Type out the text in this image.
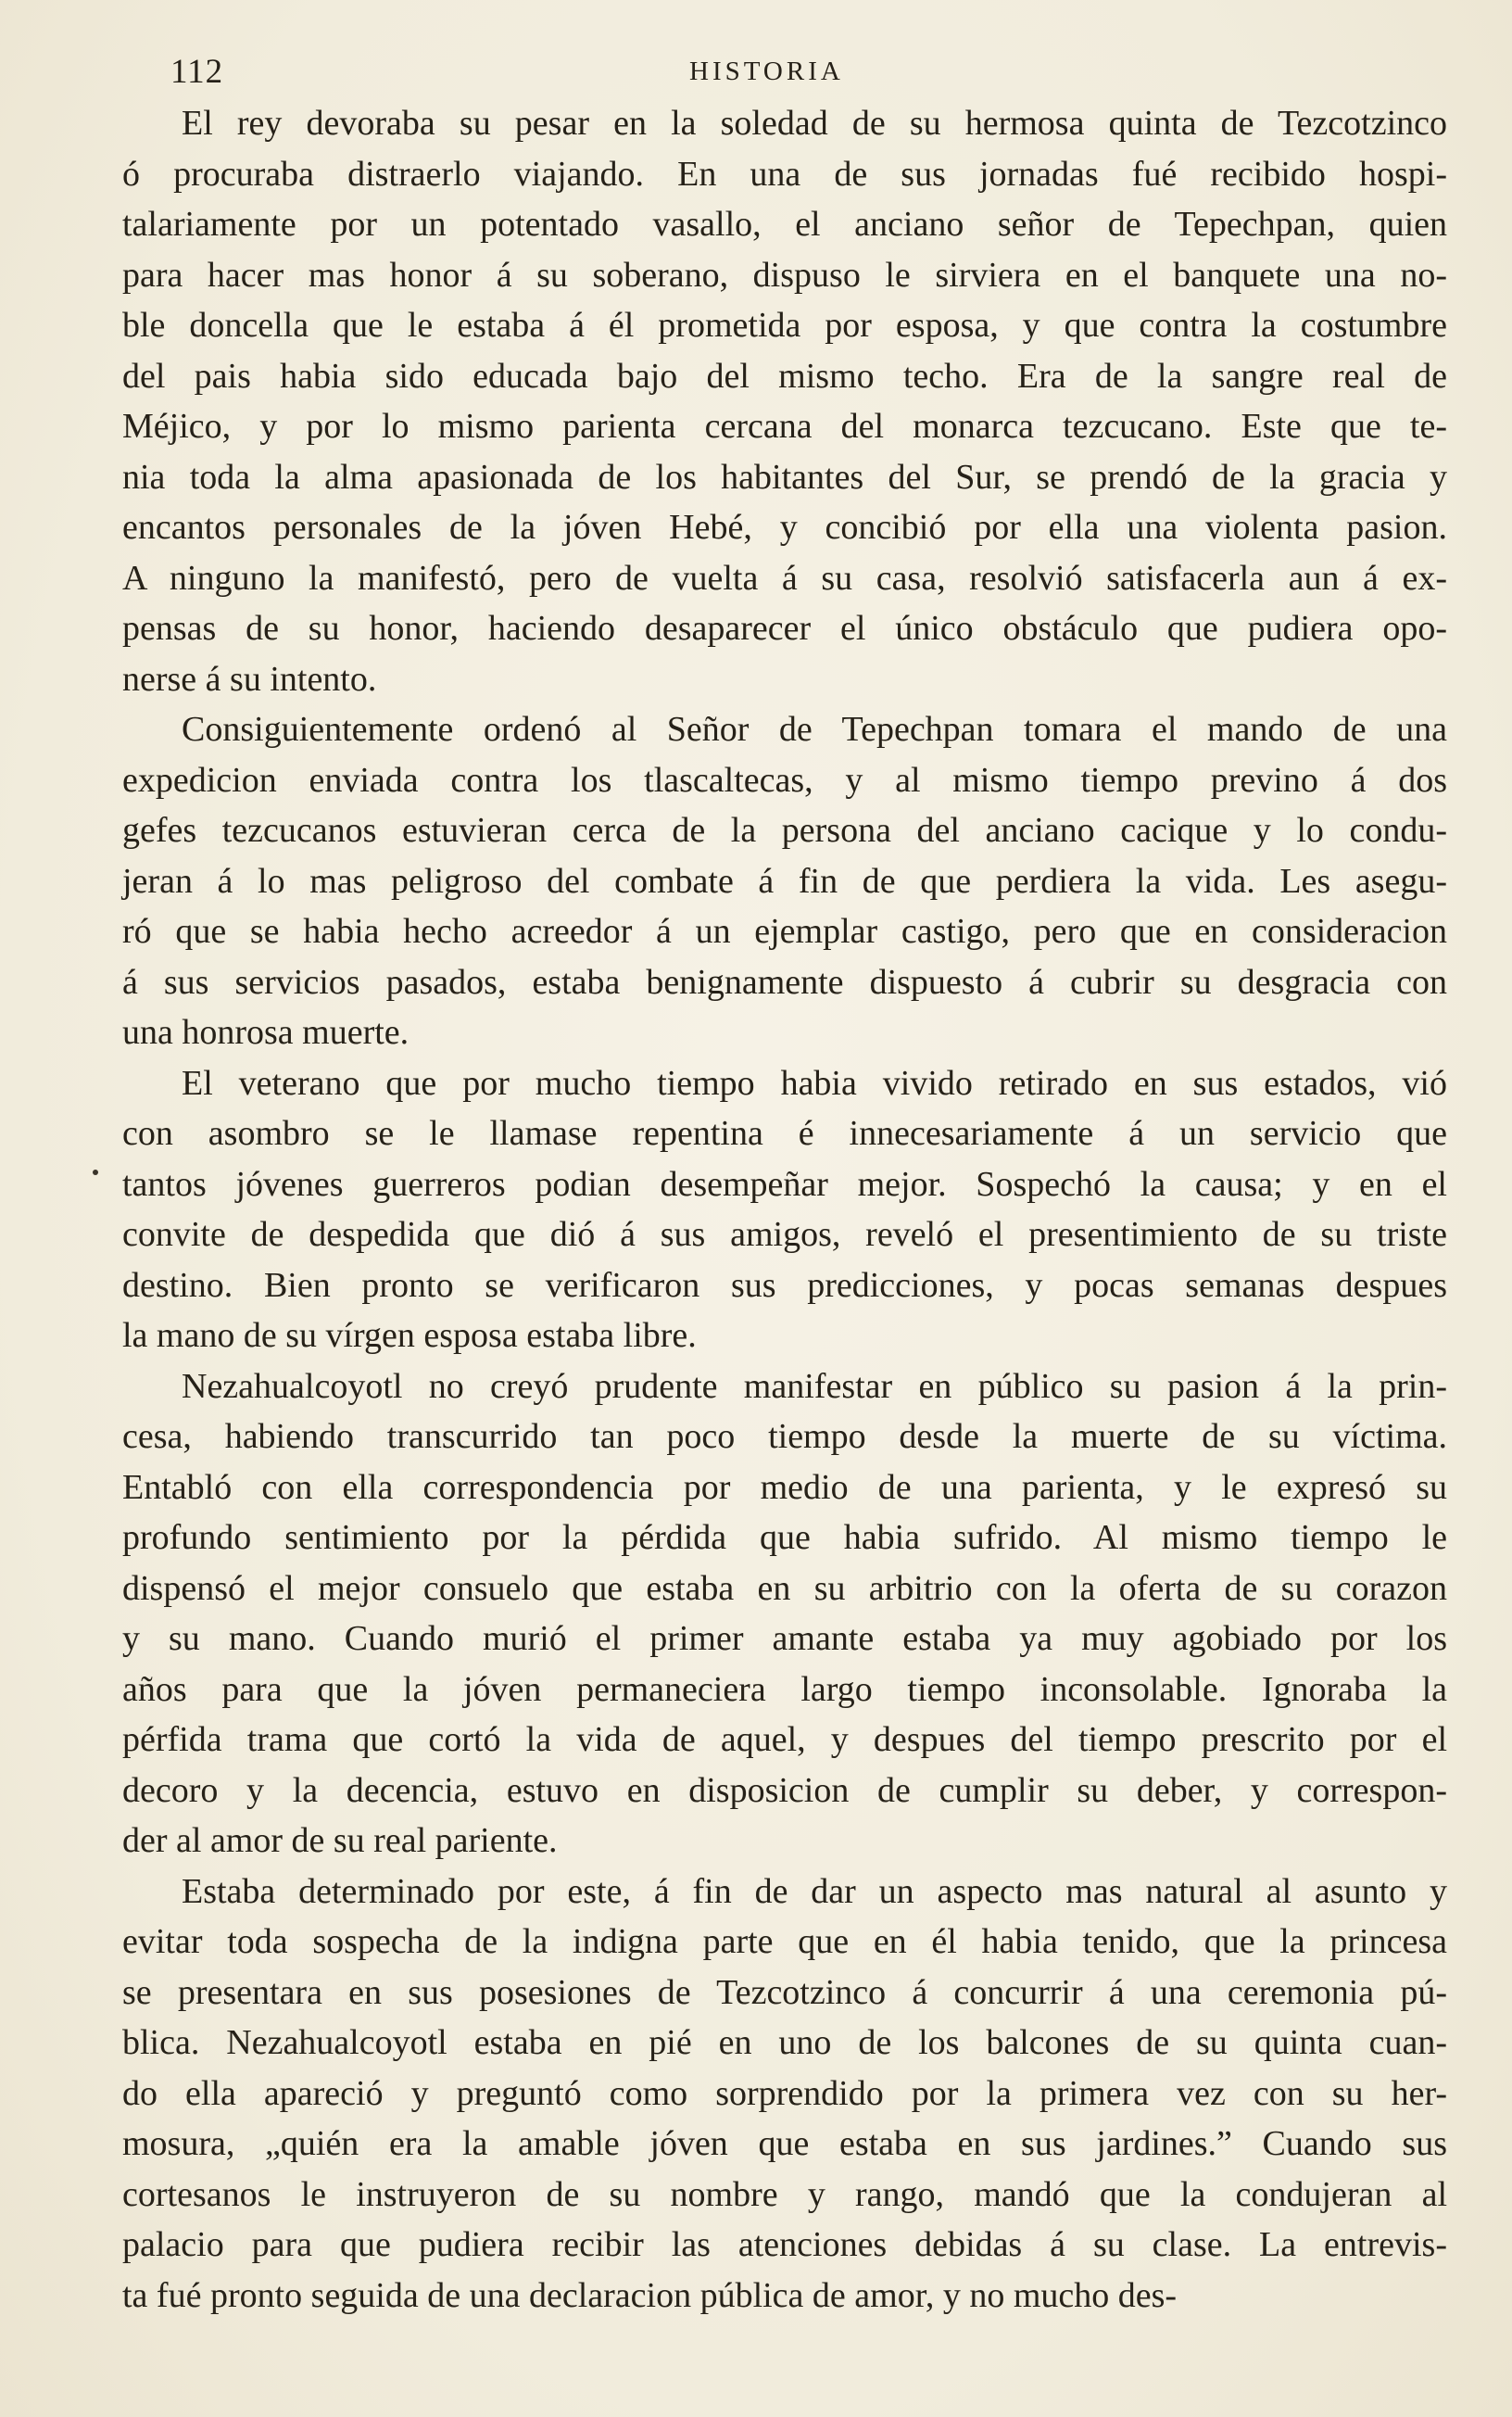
112	HISTORIA
El rey devoraba su pesar en la soledad de su hermosa quinta de Tezcotzinco
ó procuraba distraerlo viajando. En una de sus jornadas fué recibido hospi-
talariamente por un potentado vasallo, el anciano señor de Tepechpan, quien
para hacer mas honor á su soberano, dispuso le sirviera en el banquete una no-
ble doncella que le estaba á él prometida por esposa, y que contra la costumbre
del pais habia sido educada bajo del mismo techo. Era de la sangre real de
Méjico, y por lo mismo parienta cercana del monarca tezcucano. Este que te-
nia toda la alma apasionada de los habitantes del Sur, se prendó de la gracia y
encantos personales de la jóven Hebé, y concibió por ella una violenta pasion.
A ninguno la manifestó, pero de vuelta á su casa, resolvió satisfacerla aun á ex-
pensas de su honor, haciendo desaparecer el único obstáculo que pudiera opo-
nerse á su intento.
Consiguientemente ordenó al Señor de Tepechpan tomara el mando de una
expedicion enviada contra los tlascaltecas, y al mismo tiempo previno á dos
gefes tezcucanos estuvieran cerca de la persona del anciano cacique y lo condu-
jeran á lo mas peligroso del combate á fin de que perdiera la vida. Les asegu-
ró que se habia hecho acreedor á un ejemplar castigo, pero que en consideracion
á sus servicios pasados, estaba benignamente dispuesto á cubrir su desgracia con
una honrosa muerte.
El veterano que por mucho tiempo habia vivido retirado en sus estados, vió
con asombro se le llamase repentina é innecesariamente á un servicio que
tantos jóvenes guerreros podian desempeñar mejor. Sospechó la causa; y en el
convite de despedida que dió á sus amigos, reveló el presentimiento de su triste
destino. Bien pronto se verificaron sus predicciones, y pocas semanas despues
la mano de su vírgen esposa estaba libre.
Nezahualcoyotl no creyó prudente manifestar en público su pasion á la prin-
cesa, habiendo transcurrido tan poco tiempo desde la muerte de su víctima.
Entabló con ella correspondencia por medio de una parienta, y le expresó su
profundo sentimiento por la pérdida que habia sufrido. Al mismo tiempo le
dispensó el mejor consuelo que estaba en su arbitrio con la oferta de su corazon
y su mano. Cuando murió el primer amante estaba ya muy agobiado por los
años para que la jóven permaneciera largo tiempo inconsolable. Ignoraba la
pérfida trama que cortó la vida de aquel, y despues del tiempo prescrito por el
decoro y la decencia, estuvo en disposicion de cumplir su deber, y correspon-
der al amor de su real pariente.
Estaba determinado por este, á fin de dar un aspecto mas natural al asunto y
evitar toda sospecha de la indigna parte que en él habia tenido, que la princesa
se presentara en sus posesiones de Tezcotzinco á concurrir á una ceremonia pú-
blica. Nezahualcoyotl estaba en pié en uno de los balcones de su quinta cuan-
do ella apareció y preguntó como sorprendido por la primera vez con su her-
mosura, „quién era la amable jóven que estaba en sus jardines.” Cuando sus
cortesanos le instruyeron de su nombre y rango, mandó que la condujeran al
palacio para que pudiera recibir las atenciones debidas á su clase. La entrevis-
ta fué pronto seguida de una declaracion pública de amor, y no mucho des-
